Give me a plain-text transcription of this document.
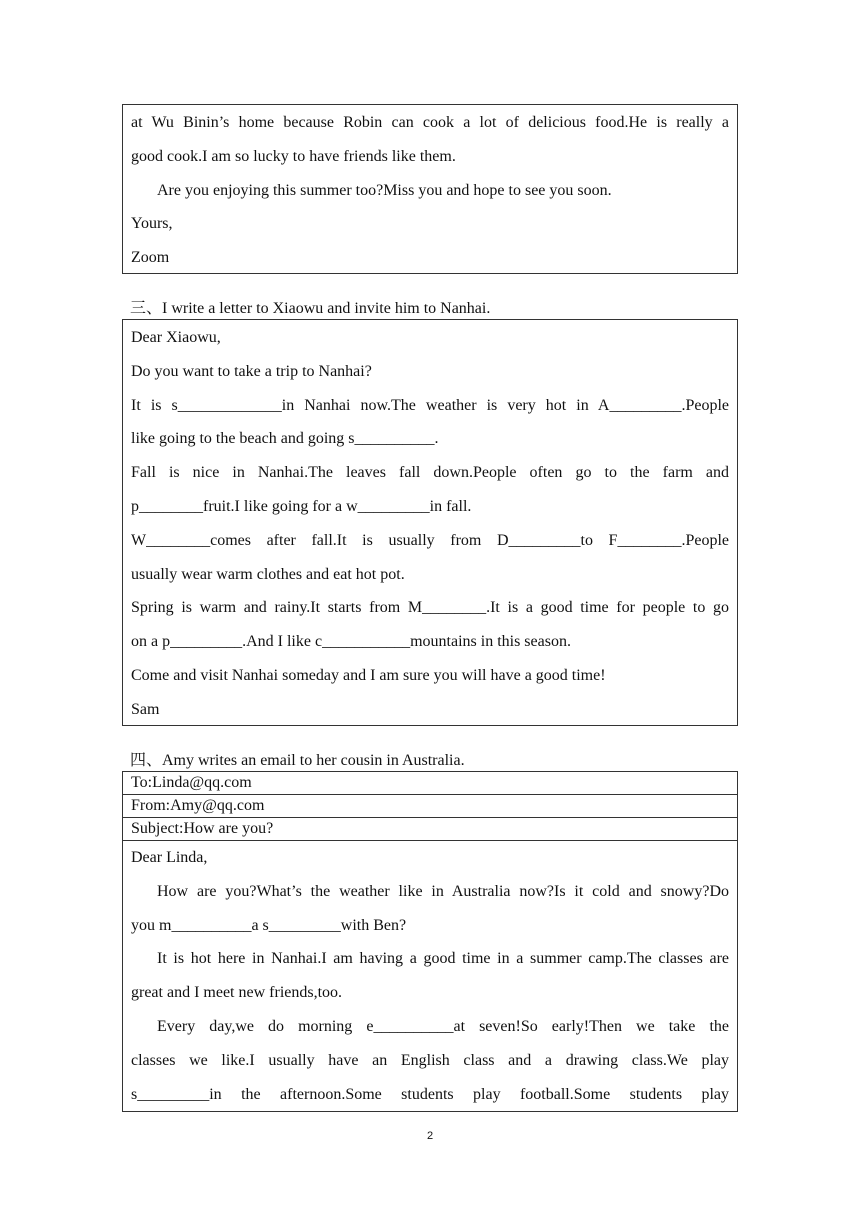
at Wu Binin’s home because Robin can cook a lot of delicious food.He is really a

good cook.I am so lucky to have friends like them.

Are you enjoying this summer too?Miss you and hope to see you soon.

Yours,

Zoom

三、I write a letter to Xiaowu and invite him to Nanhai.

Dear Xiaowu,

Do you want to take a trip to Nanhai?

It is s_____________in Nanhai now.The weather is very hot in A_________.People

like going to the beach and going s__________.

Fall is nice in Nanhai.The leaves fall down.People often go to the farm and

p________fruit.I like going for a w_________in fall.

W________comes after fall.It is usually from D_________to F________.People

usually wear warm clothes and eat hot pot.

Spring is warm and rainy.It starts from M________.It is a good time for people to go

on a p_________.And I like c___________mountains in this season.

Come and visit Nanhai someday and I am sure you will have a good time!

Sam

四、Amy writes an email to her cousin in Australia.
To:Linda@qq.com
From:Amy@qq.com
Subject:How are you?

Dear Linda,

How are you?What’s the weather like in Australia now?Is it cold and snowy?Do

you m__________a s_________with Ben?

It is hot here in Nanhai.I am having a good time in a summer camp.The classes are

great and I meet new friends,too.

Every day,we do morning e__________at seven!So early!Then we take the

classes we like.I usually have an English class and a drawing class.We play

s_________in the afternoon.Some students play football.Some students play

2
